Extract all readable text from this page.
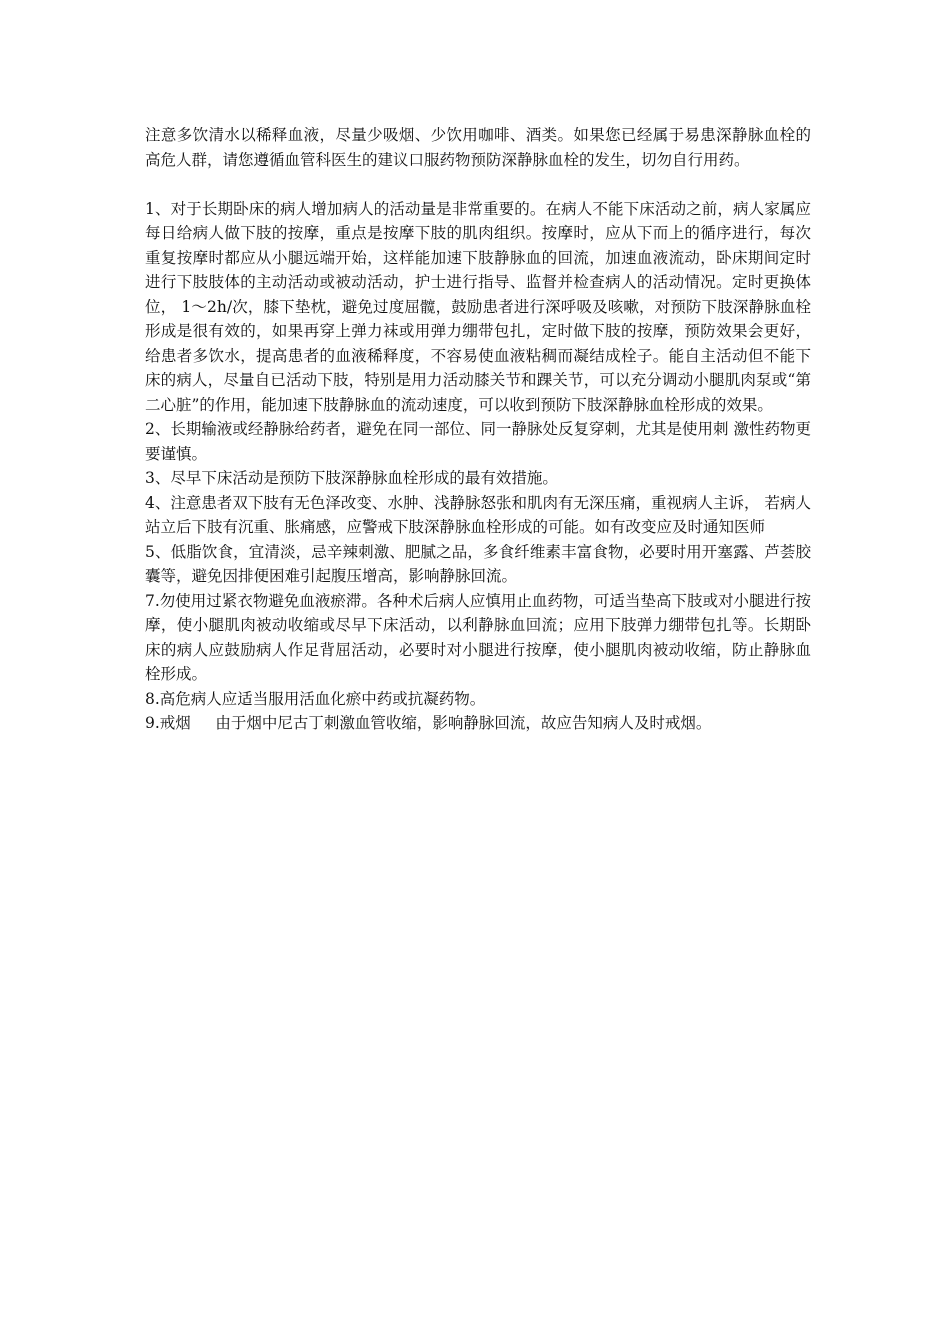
注意多饮清水以稀释血液，尽量少吸烟、少饮用咖啡、酒类。如果您已经属于易患深静脉血栓的高危人群，请您遵循血管科医生的建议口服药物预防深静脉血栓的发生，切勿自行用药。

1、对于长期卧床的病人增加病人的活动量是非常重要的。在病人不能下床活动之前，病人家属应每日给病人做下肢的按摩，重点是按摩下肢的肌肉组织。按摩时，应从下而上的循序进行，每次重复按摩时都应从小腿远端开始，这样能加速下肢静脉血的回流，加速血液流动，卧床期间定时进行下肢肢体的主动活动或被动活动，护士进行指导、监督并检查病人的活动情况。定时更换体位， 1～2h/次，膝下垫枕，避免过度屈髋，鼓励患者进行深呼吸及咳嗽，对预防下肢深静脉血栓形成是很有效的，如果再穿上弹力袜或用弹力绷带包扎，定时做下肢的按摩，预防效果会更好，给患者多饮水，提高患者的血液稀释度，不容易使血液粘稠而凝结成栓子。能自主活动但不能下床的病人，尽量自已活动下肢，特别是用力活动膝关节和踝关节，可以充分调动小腿肌肉泵或“第二心脏”的作用，能加速下肢静脉血的流动速度，可以收到预防下肢深静脉血栓形成的效果。

2、长期输液或经静脉给药者，避免在同一部位、同一静脉处反复穿刺，尤其是使用刺 激性药物更要谨慎。

3、尽早下床活动是预防下肢深静脉血栓形成的最有效措施。

4、注意患者双下肢有无色泽改变、水肿、浅静脉怒张和肌肉有无深压痛，重视病人主诉， 若病人站立后下肢有沉重、胀痛感，应警戒下肢深静脉血栓形成的可能。如有改变应及时通知医师

5、低脂饮食，宜清淡，忌辛辣刺激、肥腻之品，多食纤维素丰富食物，必要时用开塞露、芦荟胶囊等，避免因排便困难引起腹压增高，影响静脉回流。

7.勿使用过紧衣物避免血液瘀滞。各种术后病人应慎用止血药物，可适当垫高下肢或对小腿进行按摩，使小腿肌肉被动收缩或尽早下床活动，以利静脉血回流；应用下肢弹力绷带包扎等。长期卧床的病人应鼓励病人作足背屈活动，必要时对小腿进行按摩，使小腿肌肉被动收缩，防止静脉血栓形成。

8.高危病人应适当服用活血化瘀中药或抗凝药物。

9.戒烟     由于烟中尼古丁刺激血管收缩，影响静脉回流，故应告知病人及时戒烟。
